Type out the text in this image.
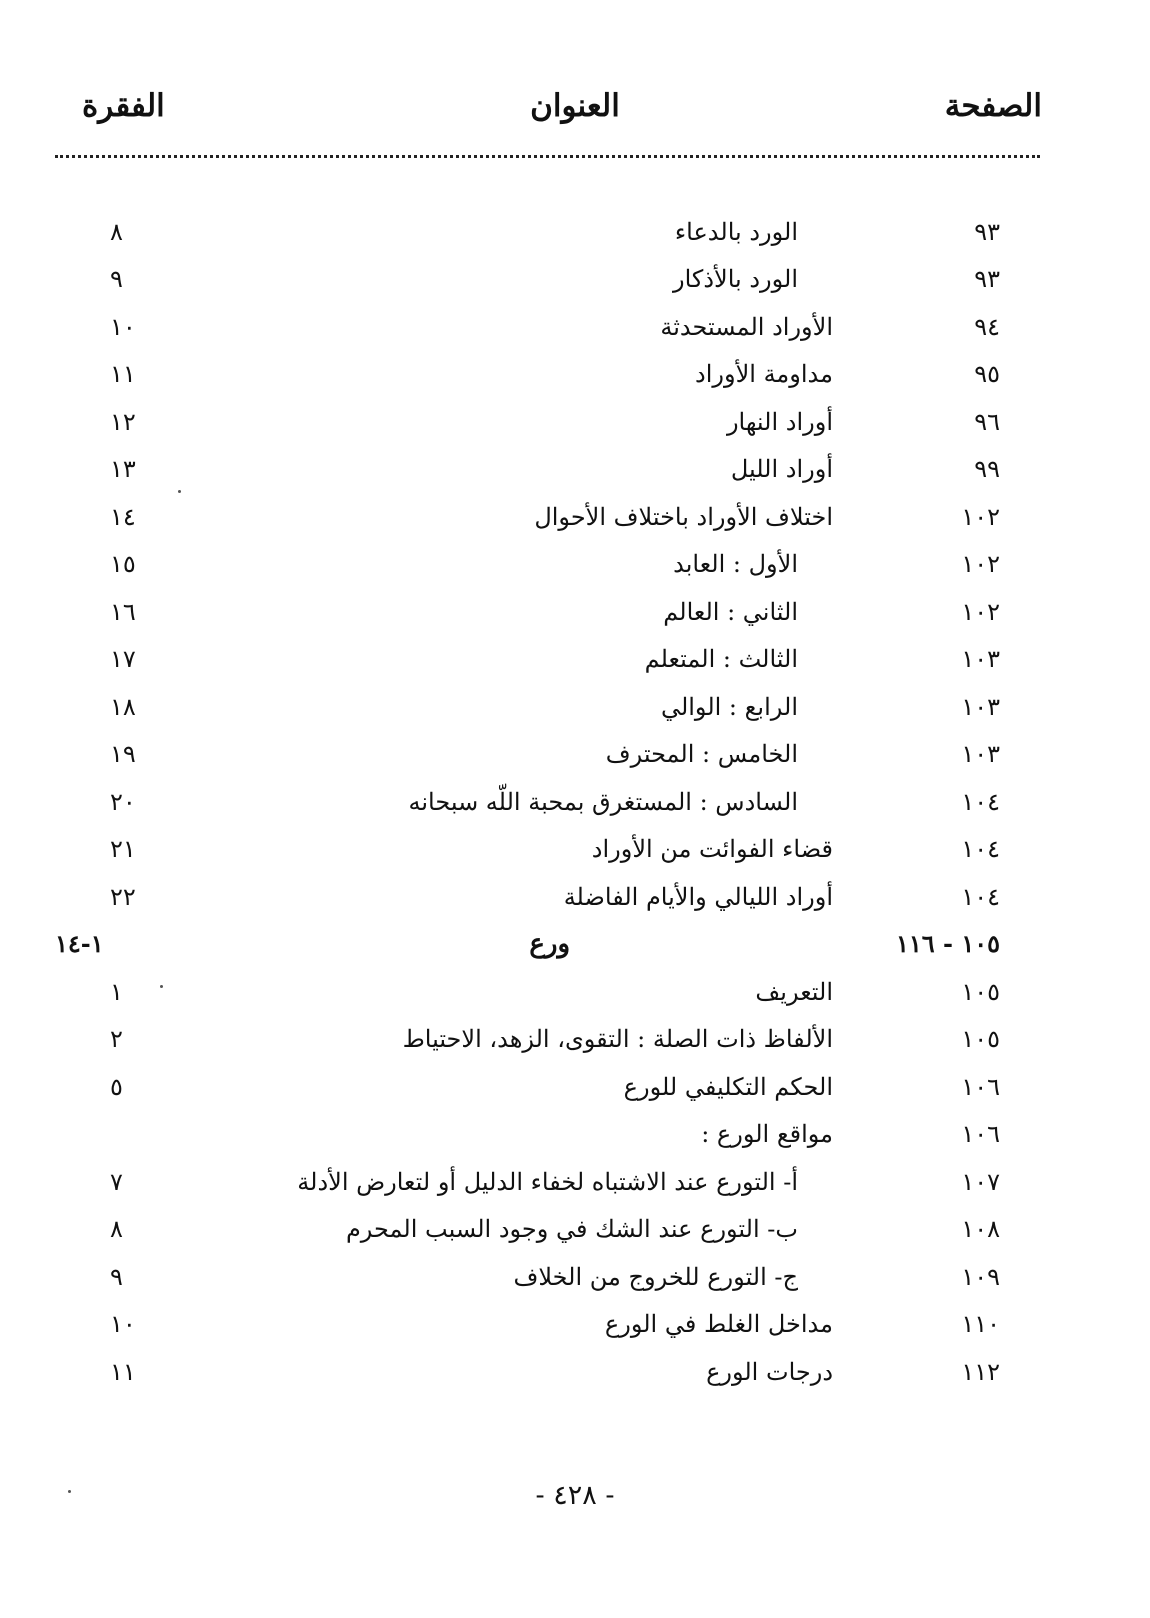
الصفحة
العنوان
الفقرة
٩٣
الورد بالدعاء
٨
٩٣
الورد بالأذكار
٩
٩٤
الأوراد المستحدثة
١٠
٩٥
مداومة الأوراد
١١
٩٦
أوراد النهار
١٢
٩٩
أوراد الليل
١٣
١٠٢
اختلاف الأوراد باختلاف الأحوال
١٤
١٠٢
الأول : العابد
١٥
١٠٢
الثاني : العالم
١٦
١٠٣
الثالث : المتعلم
١٧
١٠٣
الرابع : الوالي
١٨
١٠٣
الخامس : المحترف
١٩
١٠٤
السادس : المستغرق بمحبة اللّه سبحانه
٢٠
١٠٤
قضاء الفوائت من الأوراد
٢١
١٠٤
أوراد الليالي والأيام الفاضلة
٢٢
١٠٥ - ١١٦
ورع
١-١٤
١٠٥
التعريف
١
١٠٥
الألفاظ ذات الصلة : التقوى، الزهد، الاحتياط
٢
١٠٦
الحكم التكليفي للورع
٥
١٠٦
مواقع الورع :
١٠٧
أ- التورع عند الاشتباه لخفاء الدليل أو لتعارض الأدلة
٧
١٠٨
ب- التورع عند الشك في وجود السبب المحرم
٨
١٠٩
ج- التورع للخروج من الخلاف
٩
١١٠
مداخل الغلط في الورع
١٠
١١٢
درجات الورع
١١
- ٤٢٨ -
